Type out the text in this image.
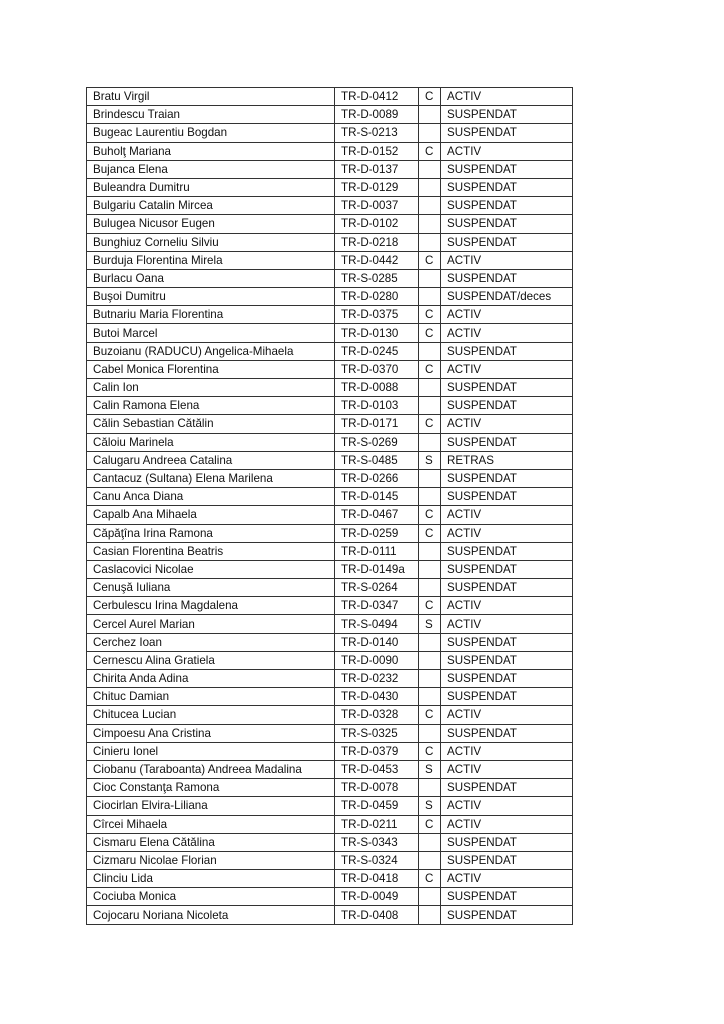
Bratu Virgil	TR-D-0412	C	ACTIV
Brindescu Traian	TR-D-0089		SUSPENDAT
Bugeac Laurentiu Bogdan	TR-S-0213		SUSPENDAT
Buholţ Mariana	TR-D-0152	C	ACTIV
Bujanca Elena	TR-D-0137		SUSPENDAT
Buleandra Dumitru	TR-D-0129		SUSPENDAT
Bulgariu Catalin Mircea	TR-D-0037		SUSPENDAT
Bulugea Nicusor Eugen	TR-D-0102		SUSPENDAT
Bunghiuz Corneliu Silviu	TR-D-0218		SUSPENDAT
Burduja Florentina Mirela	TR-D-0442	C	ACTIV
Burlacu Oana	TR-S-0285		SUSPENDAT
Buşoi Dumitru	TR-D-0280		SUSPENDAT/deces
Butnariu Maria Florentina	TR-D-0375	C	ACTIV
Butoi Marcel	TR-D-0130	C	ACTIV
Buzoianu (RADUCU) Angelica-Mihaela	TR-D-0245		SUSPENDAT
Cabel Monica Florentina	TR-D-0370	C	ACTIV
Calin Ion	TR-D-0088		SUSPENDAT
Calin Ramona Elena	TR-D-0103		SUSPENDAT
Călin Sebastian Cătălin	TR-D-0171	C	ACTIV
Căloiu Marinela	TR-S-0269		SUSPENDAT
Calugaru Andreea Catalina	TR-S-0485	S	RETRAS
Cantacuz (Sultana) Elena Marilena	TR-D-0266		SUSPENDAT
Canu Anca Diana	TR-D-0145		SUSPENDAT
Capalb Ana Mihaela	TR-D-0467	C	ACTIV
Căpăţîna Irina Ramona	TR-D-0259	C	ACTIV
Casian Florentina Beatris	TR-D-0111		SUSPENDAT
Caslacovici Nicolae	TR-D-0149a		SUSPENDAT
Cenuşă Iuliana	TR-S-0264		SUSPENDAT
Cerbulescu Irina Magdalena	TR-D-0347	C	ACTIV
Cercel Aurel Marian	TR-S-0494	S	ACTIV
Cerchez Ioan	TR-D-0140		SUSPENDAT
Cernescu Alina Gratiela	TR-D-0090		SUSPENDAT
Chirita Anda Adina	TR-D-0232		SUSPENDAT
Chituc Damian	TR-D-0430		SUSPENDAT
Chitucea Lucian	TR-D-0328	C	ACTIV
Cimpoesu Ana Cristina	TR-S-0325		SUSPENDAT
Cinieru Ionel	TR-D-0379	C	ACTIV
Ciobanu (Taraboanta) Andreea Madalina	TR-D-0453	S	ACTIV
Cioc Constanţa Ramona	TR-D-0078		SUSPENDAT
Ciocirlan Elvira-Liliana	TR-D-0459	S	ACTIV
Cîrcei Mihaela	TR-D-0211	C	ACTIV
Cismaru Elena Cătălina	TR-S-0343		SUSPENDAT
Cizmaru Nicolae Florian	TR-S-0324		SUSPENDAT
Clinciu Lida	TR-D-0418	C	ACTIV
Cociuba Monica	TR-D-0049		SUSPENDAT
Cojocaru Noriana Nicoleta	TR-D-0408		SUSPENDAT
